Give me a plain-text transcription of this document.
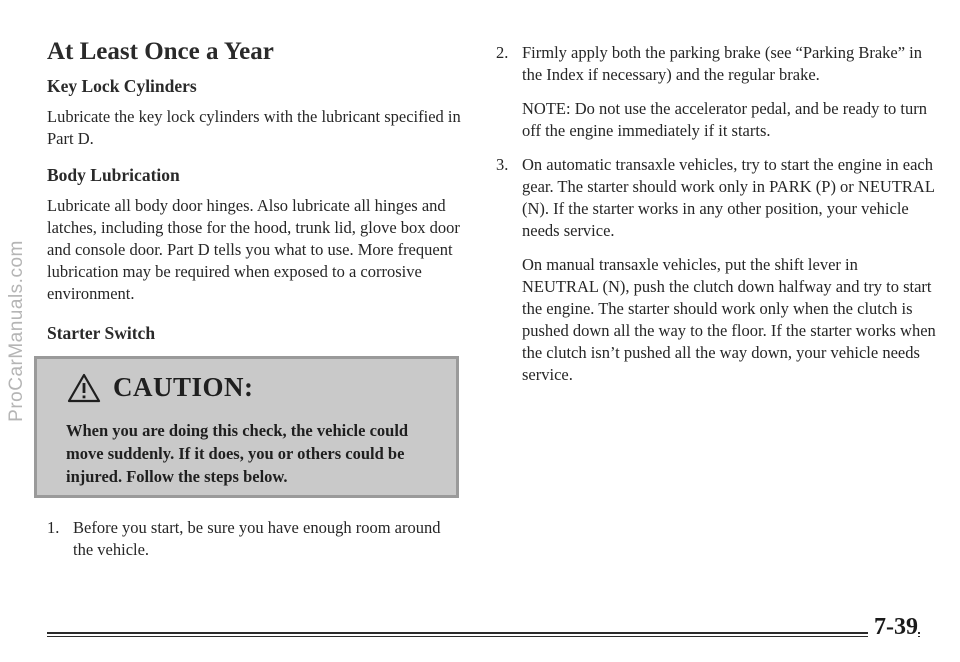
ProCarManuals.com
At Least Once a Year
Key Lock Cylinders

Lubricate the key lock cylinders with the lubricant specified in Part D.

Body Lubrication

Lubricate all body door hinges. Also lubricate all hinges and latches, including those for the hood, trunk lid, glove box door and console door. Part D tells you what to use. More frequent lubrication may be required when exposed to a corrosive environment.

Starter Switch
CAUTION:
When you are doing this check, the vehicle could move suddenly. If it does, you or others could be injured. Follow the steps below.
1. Before you start, be sure you have enough room around the vehicle.

2. Firmly apply both the parking brake (see “Parking Brake” in the Index if necessary) and the regular brake.

NOTE: Do not use the accelerator pedal, and be ready to turn off the engine immediately if it starts.

3. On automatic transaxle vehicles, try to start the engine in each gear. The starter should work only in PARK (P) or NEUTRAL (N). If the starter works in any other position, your vehicle needs service.

On manual transaxle vehicles, put the shift lever in NEUTRAL (N), push the clutch down halfway and try to start the engine. The starter should work only when the clutch is pushed down all the way to the floor. If the starter works when the clutch isn’t pushed all the way down, your vehicle needs service.

7-39
